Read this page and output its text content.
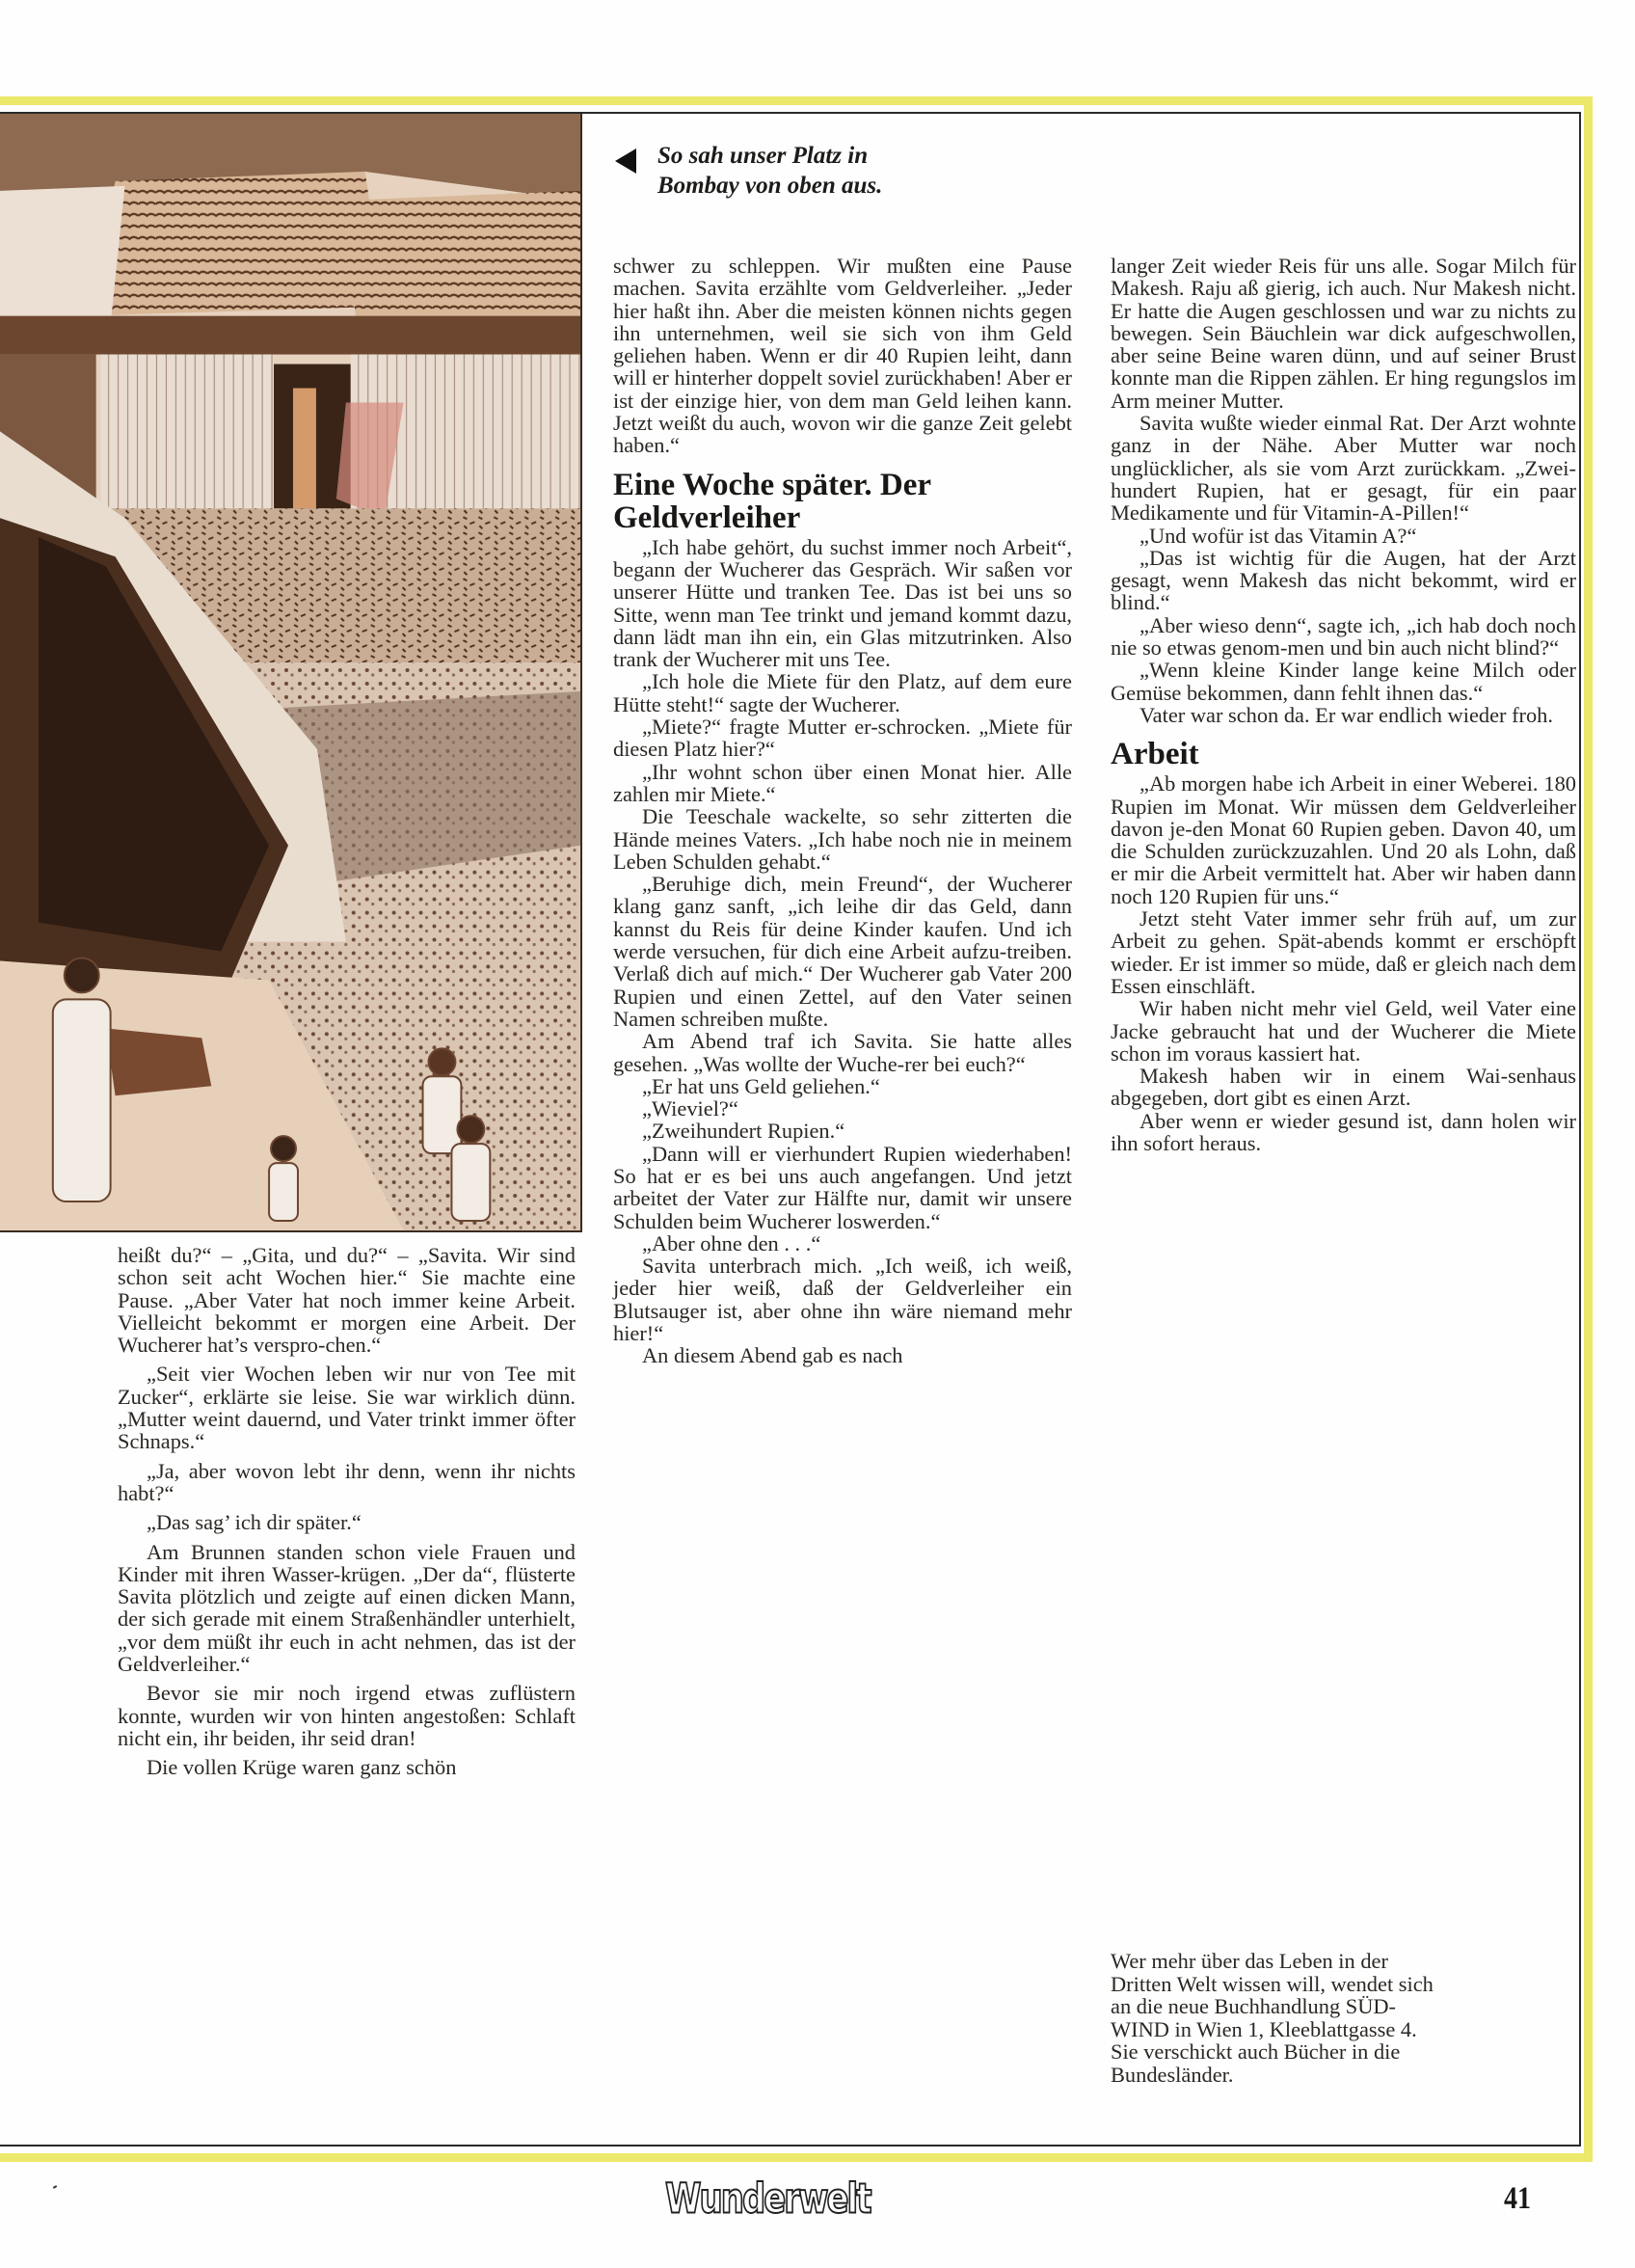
So sah unser Platz in
Bombay von oben aus.

heißt du?“ – „Gita, und du?“ – „Savita. Wir sind schon seit acht Wochen hier.“ Sie machte eine Pause. „Aber Vater hat noch immer keine Arbeit. Vielleicht bekommt er morgen eine Arbeit. Der Wucherer hat’s verspro-chen.“

„Seit vier Wochen leben wir nur von Tee mit Zucker“, erklärte sie leise. Sie war wirklich dünn. „Mutter weint dauernd, und Vater trinkt immer öfter Schnaps.“

„Ja, aber wovon lebt ihr denn, wenn ihr nichts habt?“

„Das sag’ ich dir später.“

Am Brunnen standen schon viele Frauen und Kinder mit ihren Wasser-krügen. „Der da“, flüsterte Savita plötzlich und zeigte auf einen dicken Mann, der sich gerade mit einem Straßenhändler unterhielt, „vor dem müßt ihr euch in acht nehmen, das ist der Geldverleiher.“

Bevor sie mir noch irgend etwas zuflüstern konnte, wurden wir von hinten angestoßen: Schlaft nicht ein, ihr beiden, ihr seid dran!

Die vollen Krüge waren ganz schön

schwer zu schleppen. Wir mußten eine Pause machen. Savita erzählte vom Geldverleiher. „Jeder hier haßt ihn. Aber die meisten können nichts gegen ihn unternehmen, weil sie sich von ihm Geld geliehen haben. Wenn er dir 40 Rupien leiht, dann will er hinterher doppelt soviel zurückhaben! Aber er ist der einzige hier, von dem man Geld leihen kann. Jetzt weißt du auch, wovon wir die ganze Zeit gelebt haben.“

Eine Woche später. Der Geldverleiher

„Ich habe gehört, du suchst immer noch Arbeit“, begann der Wucherer das Gespräch. Wir saßen vor unserer Hütte und tranken Tee. Das ist bei uns so Sitte, wenn man Tee trinkt und jemand kommt dazu, dann lädt man ihn ein, ein Glas mitzutrinken. Also trank der Wucherer mit uns Tee.

„Ich hole die Miete für den Platz, auf dem eure Hütte steht!“ sagte der Wucherer.

„Miete?“ fragte Mutter er-schrocken. „Miete für diesen Platz hier?“

„Ihr wohnt schon über einen Monat hier. Alle zahlen mir Miete.“

Die Teeschale wackelte, so sehr zitterten die Hände meines Vaters. „Ich habe noch nie in meinem Leben Schulden gehabt.“

„Beruhige dich, mein Freund“, der Wucherer klang ganz sanft, „ich leihe dir das Geld, dann kannst du Reis für deine Kinder kaufen. Und ich werde versuchen, für dich eine Arbeit aufzu-treiben. Verlaß dich auf mich.“ Der Wucherer gab Vater 200 Rupien und einen Zettel, auf den Vater seinen Namen schreiben mußte.

Am Abend traf ich Savita. Sie hatte alles gesehen. „Was wollte der Wuche-rer bei euch?“

„Er hat uns Geld geliehen.“

„Wieviel?“

„Zweihundert Rupien.“

„Dann will er vierhundert Rupien wiederhaben! So hat er es bei uns auch angefangen. Und jetzt arbeitet der Vater zur Hälfte nur, damit wir unsere Schulden beim Wucherer loswerden.“

„Aber ohne den . . .“

Savita unterbrach mich. „Ich weiß, ich weiß, jeder hier weiß, daß der Geldverleiher ein Blutsauger ist, aber ohne ihn wäre niemand mehr hier!“

An diesem Abend gab es nach

langer Zeit wieder Reis für uns alle. Sogar Milch für Makesh. Raju aß gierig, ich auch. Nur Makesh nicht. Er hatte die Augen geschlossen und war zu nichts zu bewegen. Sein Bäuchlein war dick aufgeschwollen, aber seine Beine waren dünn, und auf seiner Brust konnte man die Rippen zählen. Er hing regungslos im Arm meiner Mutter.

Savita wußte wieder einmal Rat. Der Arzt wohnte ganz in der Nähe. Aber Mutter war noch unglücklicher, als sie vom Arzt zurückkam. „Zwei-hundert Rupien, hat er gesagt, für ein paar Medikamente und für Vitamin-A-Pillen!“

„Und wofür ist das Vitamin A?“

„Das ist wichtig für die Augen, hat der Arzt gesagt, wenn Makesh das nicht bekommt, wird er blind.“

„Aber wieso denn“, sagte ich, „ich hab doch noch nie so etwas genom-men und bin auch nicht blind?“

„Wenn kleine Kinder lange keine Milch oder Gemüse bekommen, dann fehlt ihnen das.“

Vater war schon da. Er war endlich wieder froh.

Arbeit

„Ab morgen habe ich Arbeit in einer Weberei. 180 Rupien im Monat. Wir müssen dem Geldverleiher davon je-den Monat 60 Rupien geben. Davon 40, um die Schulden zurückzuzahlen. Und 20 als Lohn, daß er mir die Arbeit vermittelt hat. Aber wir haben dann noch 120 Rupien für uns.“

Jetzt steht Vater immer sehr früh auf, um zur Arbeit zu gehen. Spät-abends kommt er erschöpft wieder. Er ist immer so müde, daß er gleich nach dem Essen einschläft.

Wir haben nicht mehr viel Geld, weil Vater eine Jacke gebraucht hat und der Wucherer die Miete schon im voraus kassiert hat.

Makesh haben wir in einem Wai-senhaus abgegeben, dort gibt es einen Arzt.

Aber wenn er wieder gesund ist, dann holen wir ihn sofort heraus.

Wer mehr über das Leben in der
Dritten Welt wissen will, wendet sich
an die neue Buchhandlung SÜD-
WIND in Wien 1, Kleeblattgasse 4.
Sie verschickt auch Bücher in die
Bundesländer.
Wunderwelt	41
